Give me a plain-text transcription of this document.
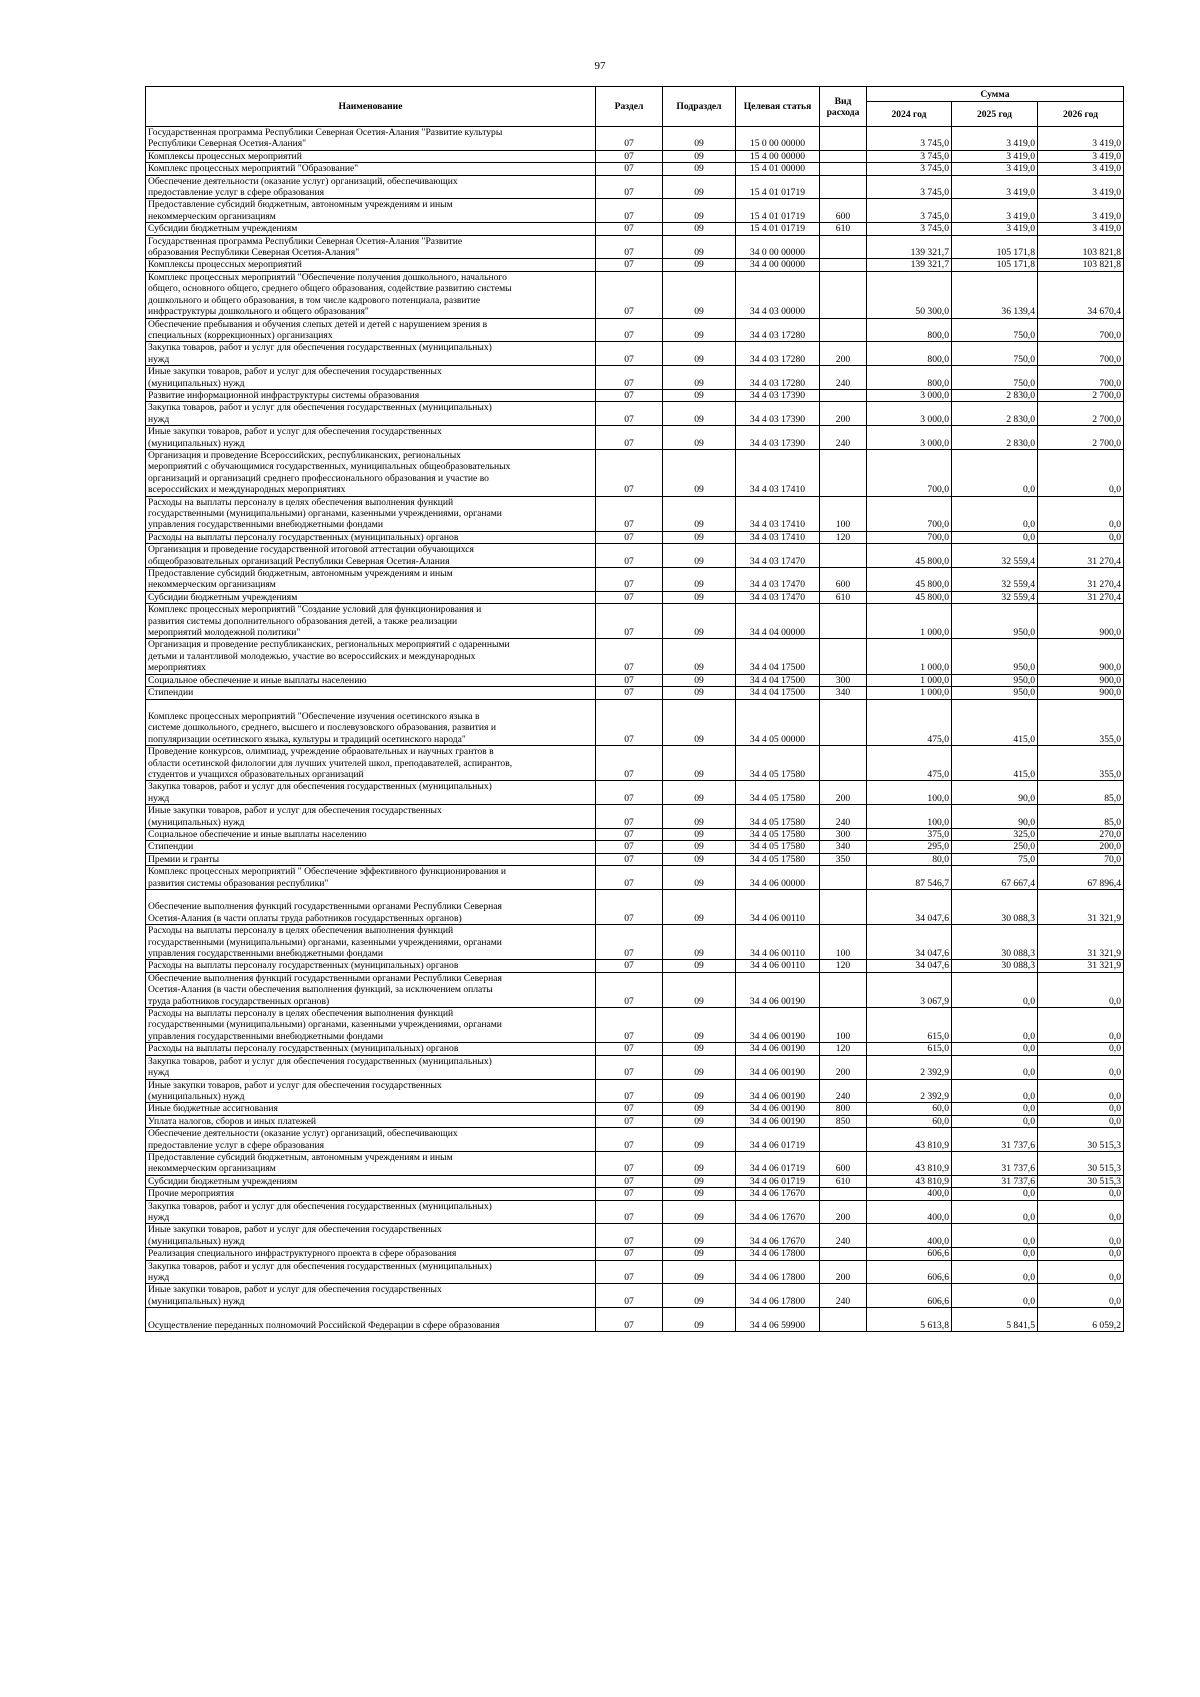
97
Наименование	Раздел	Подраздел	Целевая статья	Вид расхода	Сумма		
					2024 год	2025 год	2026 год
Государственная программа Республики Северная Осетия-Алания "Развитие культуры
Республики Северная Осетия-Алания"	07	09	15 0 00 00000		3 745,0	3 419,0	3 419,0
Комплексы процессных мероприятий	07	09	15 4 00 00000		3 745,0	3 419,0	3 419,0
Комплекс процессных мероприятий "Образование"	07	09	15 4 01 00000		3 745,0	3 419,0	3 419,0
Обеспечение деятельности (оказание услуг) организаций, обеспечивающих
предоставление услуг в сфере образования	07	09	15 4 01 01719		3 745,0	3 419,0	3 419,0
Предоставление субсидий бюджетным, автономным учреждениям и иным
некоммерческим организациям	07	09	15 4 01 01719	600	3 745,0	3 419,0	3 419,0
Субсидии бюджетным учреждениям	07	09	15 4 01 01719	610	3 745,0	3 419,0	3 419,0
Государственная программа Республики Северная Осетия-Алания "Развитие
образования Республики Северная Осетия-Алания"	07	09	34 0 00 00000		139 321,7	105 171,8	103 821,8
Комплексы процессных мероприятий	07	09	34 4 00 00000		139 321,7	105 171,8	103 821,8
Комплекс процессных мероприятий "Обеспечение получения дошкольного, начального
общего, основного общего, среднего общего образования, содействие развитию системы
дошкольного и общего образования, в том числе кадрового потенциала, развитие
инфраструктуры дошкольного и общего образования"	07	09	34 4 03 00000		50 300,0	36 139,4	34 670,4
Обеспечение пребывания и обучения слепых детей и детей с нарушением зрения в
специальных (коррекционных) организациях	07	09	34 4 03 17280		800,0	750,0	700,0
Закупка товаров, работ и услуг для обеспечения государственных (муниципальных)
нужд	07	09	34 4 03 17280	200	800,0	750,0	700,0
Иные закупки товаров, работ и услуг для обеспечения государственных
(муниципальных) нужд	07	09	34 4 03 17280	240	800,0	750,0	700,0
Развитие информационной инфраструктуры системы образования	07	09	34 4 03 17390		3 000,0	2 830,0	2 700,0
Закупка товаров, работ и услуг для обеспечения государственных (муниципальных)
нужд	07	09	34 4 03 17390	200	3 000,0	2 830,0	2 700,0
Иные закупки товаров, работ и услуг для обеспечения государственных
(муниципальных) нужд	07	09	34 4 03 17390	240	3 000,0	2 830,0	2 700,0
Организация и проведение Всероссийских, республиканских, региональных
мероприятий с обучающимися государственных, муниципальных общеобразовательных
организаций и организаций среднего профессионального образования и участие во
всероссийских и международных мероприятиях	07	09	34 4 03 17410		700,0	0,0	0,0
Расходы на выплаты персоналу в целях обеспечения выполнения функций
государственными (муниципальными) органами, казенными учреждениями, органами
управления государственными внебюджетными фондами	07	09	34 4 03 17410	100	700,0	0,0	0,0
Расходы на выплаты персоналу государственных (муниципальных) органов	07	09	34 4 03 17410	120	700,0	0,0	0,0
Организация и проведение государственной итоговой аттестации обучающихся
общеобразовательных организаций Республики Северная Осетия-Алания	07	09	34 4 03 17470		45 800,0	32 559,4	31 270,4
Предоставление субсидий бюджетным, автономным учреждениям и иным
некоммерческим организациям	07	09	34 4 03 17470	600	45 800,0	32 559,4	31 270,4
Субсидии бюджетным учреждениям	07	09	34 4 03 17470	610	45 800,0	32 559,4	31 270,4
Комплекс процессных мероприятий "Создание условий для функционирования и
развития системы дополнительного образования детей, а также реализации
мероприятий молодежной политики"	07	09	34 4 04 00000		1 000,0	950,0	900,0
Организация и проведение республиканских, региональных мероприятий с одаренными
детьми и талантливой молодежью, участие во всероссийских и международных
мероприятиях	07	09	34 4 04 17500		1 000,0	950,0	900,0
Социальное обеспечение и иные выплаты населению	07	09	34 4 04 17500	300	1 000,0	950,0	900,0
Стипендии	07	09	34 4 04 17500	340	1 000,0	950,0	900,0

Комплекс процессных мероприятий "Обеспечение изучения осетинского языка в
системе дошкольного, среднего, высшего и послевузовского образования, развития и
популяризации осетинского языка, культуры и традиций осетинского народа"	07	09	34 4 05 00000		475,0	415,0	355,0
Проведение конкурсов, олимпиад, учреждение обраовательных и научных грантов в
области осетинской филологии для лучших учителей школ, преподавателей, аспирантов,
студентов и учащихся образовательных организаций	07	09	34 4 05 17580		475,0	415,0	355,0
Закупка товаров, работ и услуг для обеспечения государственных (муниципальных)
нужд	07	09	34 4 05 17580	200	100,0	90,0	85,0
Иные закупки товаров, работ и услуг для обеспечения государственных
(муниципальных) нужд	07	09	34 4 05 17580	240	100,0	90,0	85,0
Социальное обеспечение и иные выплаты населению	07	09	34 4 05 17580	300	375,0	325,0	270,0
Стипендии	07	09	34 4 05 17580	340	295,0	250,0	200,0
Премии и гранты	07	09	34 4 05 17580	350	80,0	75,0	70,0
Комплекс процессных мероприятий " Обеспечение эффективного функционирования и
развития системы образования республики"	07	09	34 4 06 00000		87 546,7	67 667,4	67 896,4

Обеспечение выполнения функций государственными органами Республики Северная
Осетия-Алания (в части оплаты труда работников государственных органов)	07	09	34 4 06 00110		34 047,6	30 088,3	31 321,9
Расходы на выплаты персоналу в целях обеспечения выполнения функций
государственными (муниципальными) органами, казенными учреждениями, органами
управления государственными внебюджетными фондами	07	09	34 4 06 00110	100	34 047,6	30 088,3	31 321,9
Расходы на выплаты персоналу государственных (муниципальных) органов	07	09	34 4 06 00110	120	34 047,6	30 088,3	31 321,9
Обеспечение выполнения функций государственными органами Республики Северная
Осетия-Алания (в части обеспечения выполнения функций, за исключением оплаты
труда работников государственных органов)	07	09	34 4 06 00190		3 067,9	0,0	0,0
Расходы на выплаты персоналу в целях обеспечения выполнения функций
государственными (муниципальными) органами, казенными учреждениями, органами
управления государственными внебюджетными фондами	07	09	34 4 06 00190	100	615,0	0,0	0,0
Расходы на выплаты персоналу государственных (муниципальных) органов	07	09	34 4 06 00190	120	615,0	0,0	0,0
Закупка товаров, работ и услуг для обеспечения государственных (муниципальных)
нужд	07	09	34 4 06 00190	200	2 392,9	0,0	0,0
Иные закупки товаров, работ и услуг для обеспечения государственных
(муниципальных) нужд	07	09	34 4 06 00190	240	2 392,9	0,0	0,0
Иные бюджетные ассигнования	07	09	34 4 06 00190	800	60,0	0,0	0,0
Уплата налогов, сборов и иных платежей	07	09	34 4 06 00190	850	60,0	0,0	0,0
Обеспечение деятельности (оказание услуг) организаций, обеспечивающих
предоставление услуг в сфере образования	07	09	34 4 06 01719		43 810,9	31 737,6	30 515,3
Предоставление субсидий бюджетным, автономным учреждениям и иным
некоммерческим организациям	07	09	34 4 06 01719	600	43 810,9	31 737,6	30 515,3
Субсидии бюджетным учреждениям	07	09	34 4 06 01719	610	43 810,9	31 737,6	30 515,3
Прочие мероприятия	07	09	34 4 06 17670		400,0	0,0	0,0
Закупка товаров, работ и услуг для обеспечения государственных (муниципальных)
нужд	07	09	34 4 06 17670	200	400,0	0,0	0,0
Иные закупки товаров, работ и услуг для обеспечения государственных
(муниципальных) нужд	07	09	34 4 06 17670	240	400,0	0,0	0,0
Реализация специального инфраструктурного проекта в сфере образования	07	09	34 4 06 17800		606,6	0,0	0,0
Закупка товаров, работ и услуг для обеспечения государственных (муниципальных)
нужд	07	09	34 4 06 17800	200	606,6	0,0	0,0
Иные закупки товаров, работ и услуг для обеспечения государственных
(муниципальных) нужд	07	09	34 4 06 17800	240	606,6	0,0	0,0

Осуществление переданных полномочий Российской Федерации в сфере образования	07	09	34 4 06 59900		5 613,8	5 841,5	6 059,2
